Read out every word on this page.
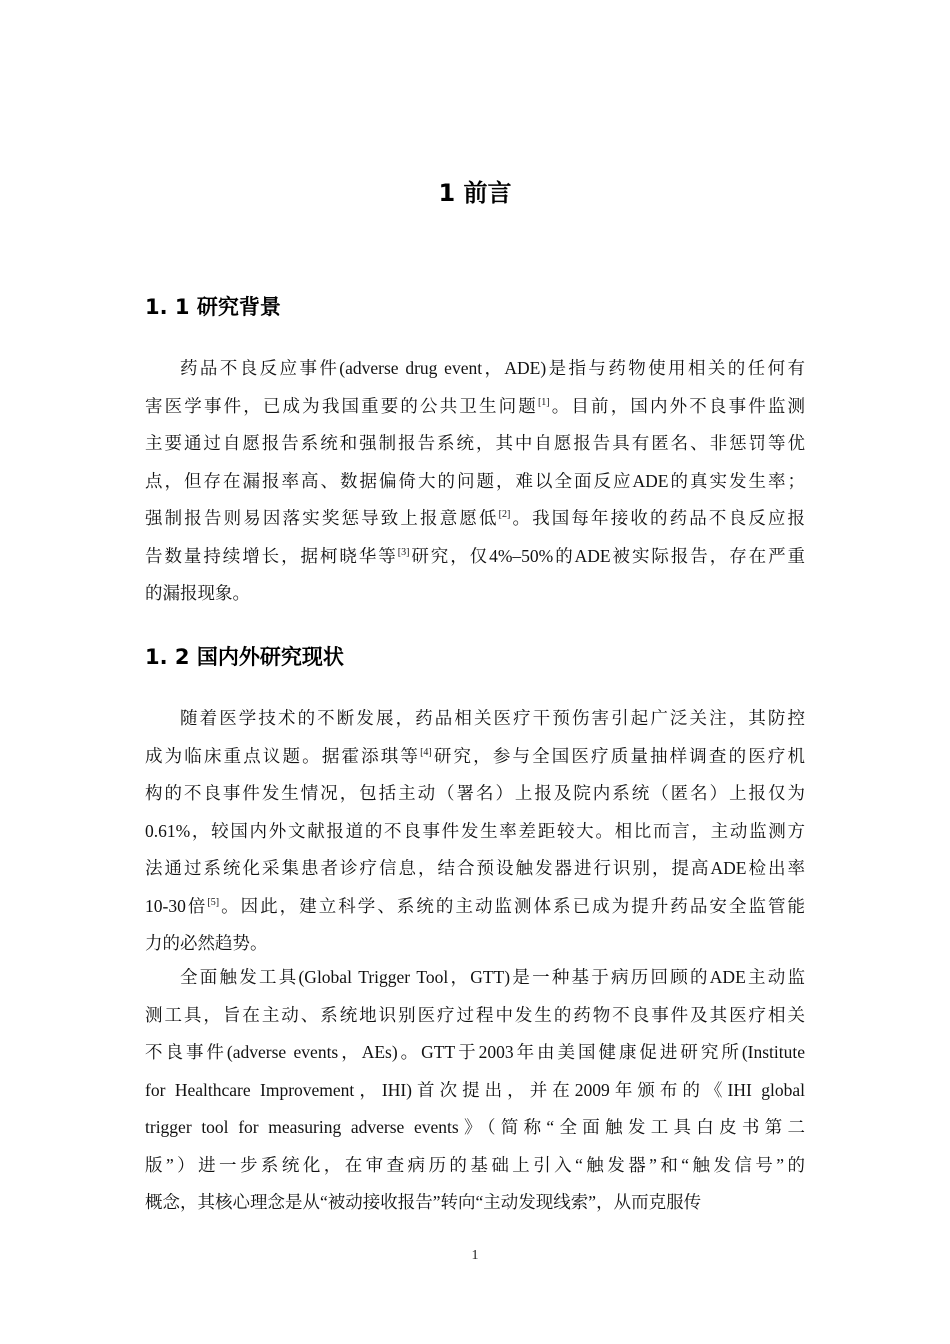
1 前言
1. 1 研究背景
药品不良反应事件(adverse drug event，ADE)是指与药物使用相关的任何有
害医学事件，已成为我国重要的公共卫生问题[1]。目前，国内外不良事件监测
主要通过自愿报告系统和强制报告系统，其中自愿报告具有匿名、非惩罚等优
点，但存在漏报率高、数据偏倚大的问题，难以全面反应ADE的真实发生率；
强制报告则易因落实奖惩导致上报意愿低[2]。我国每年接收的药品不良反应报
告数量持续增长，据柯晓华等[3]研究，仅4%–50%的ADE被实际报告，存在严重
的漏报现象。
1. 2 国内外研究现状
随着医学技术的不断发展，药品相关医疗干预伤害引起广泛关注，其防控
成为临床重点议题。据霍添琪等[4]研究，参与全国医疗质量抽样调查的医疗机
构的不良事件发生情况，包括主动（署名）上报及院内系统（匿名）上报仅为
0.61%，较国内外文献报道的不良事件发生率差距较大。相比而言，主动监测方
法通过系统化采集患者诊疗信息，结合预设触发器进行识别，提高ADE检出率
10-30倍[5]。因此，建立科学、系统的主动监测体系已成为提升药品安全监管能
力的必然趋势。
全面触发工具(Global Trigger Tool，GTT)是一种基于病历回顾的ADE主动监
测工具，旨在主动、系统地识别医疗过程中发生的药物不良事件及其医疗相关
不良事件(adverse events，AEs)。GTT于2003年由美国健康促进研究所(Institute
for Healthcare Improvement，IHI)首次提出，并在2009年颁布的《IHI global
trigger tool for measuring adverse events》（简称“全面触发工具白皮书第二
版”）进一步系统化，在审查病历的基础上引入“触发器”和“触发信号”的
概念，其核心理念是从“被动接收报告”转向“主动发现线索”，从而克服传
1
